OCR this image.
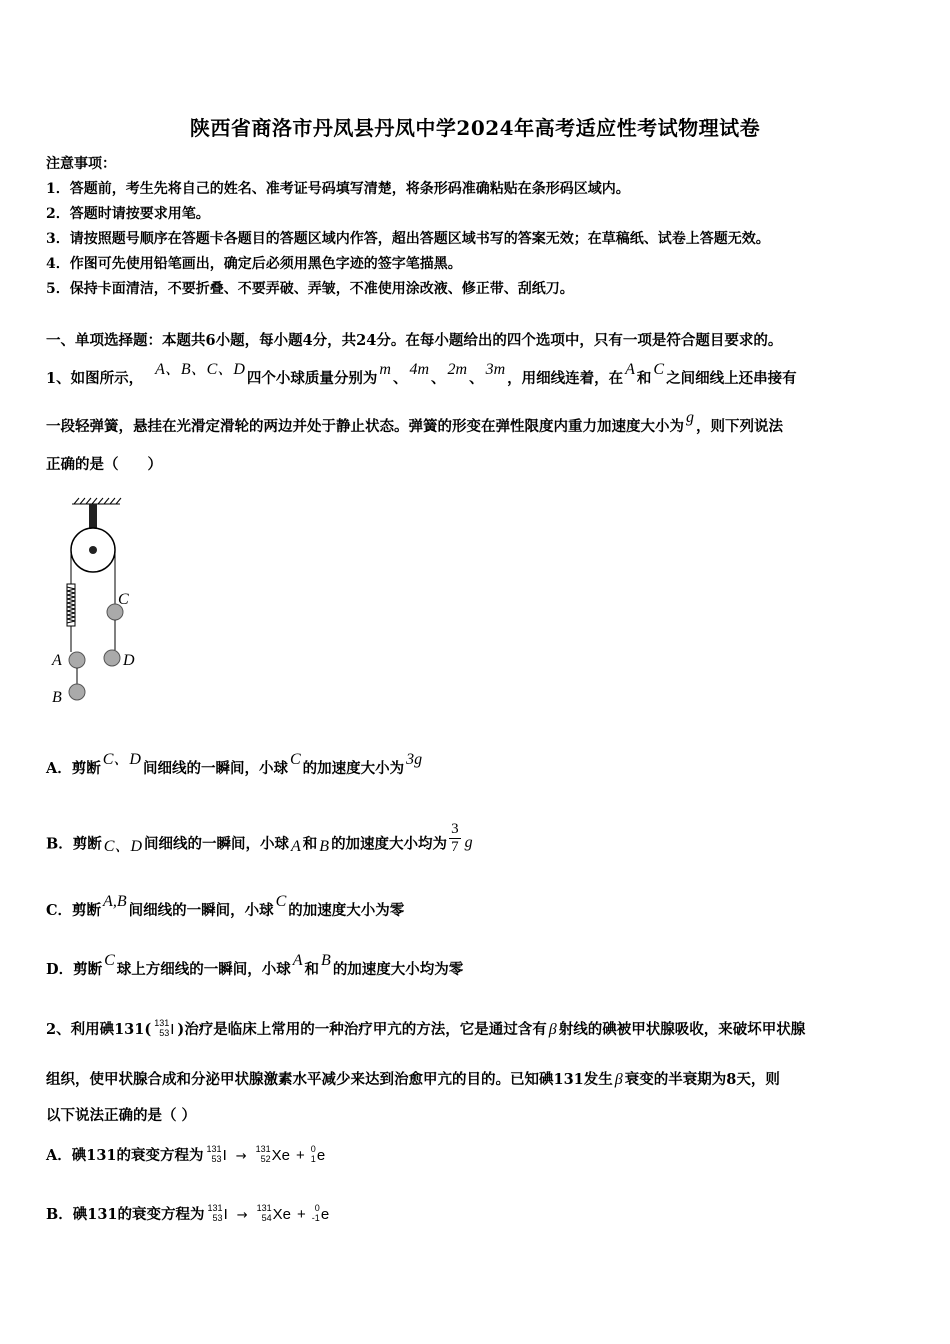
陕西省商洛市丹凤县丹凤中学2024年高考适应性考试物理试卷
注意事项：
1．答题前，考生先将自己的姓名、准考证号码填写清楚，将条形码准确粘贴在条形码区域内。
2．答题时请按要求用笔。
3．请按照题号顺序在答题卡各题目的答题区域内作答，超出答题区域书写的答案无效；在草稿纸、试卷上答题无效。
4．作图可先使用铅笔画出，确定后必须用黑色字迹的签字笔描黑。
5．保持卡面清洁，不要折叠、不要弄破、弄皱，不准使用涂改液、修正带、刮纸刀。
一、单项选择题：本题共6小题，每小题4分，共24分。在每小题给出的四个选项中，只有一项是符合题目要求的。
1、如图所示，A、B、C、D四个小球质量分别为m、4m、2m、3m，用细线连着，在A和C之间细线上还串接有
一段轻弹簧，悬挂在光滑定滑轮的两边并处于静止状态。弹簧的形变在弹性限度内重力加速度大小为g，则下列说法
正确的是（　　）
C
A	D
B
A．剪断C、D间细线的一瞬间，小球C的加速度大小为3g
B．剪断 C、D 间细线的一瞬间，小球 A 和 B 的加速度大小均为 $\frac{3}{7}$ g
C．剪断A,B间细线的一瞬间，小球C的加速度大小为零
D．剪断C球上方细线的一瞬间，小球A和B的加速度大小均为零
2、利用碘131( 131
53 I )治疗是临床上常用的一种治疗甲亢的方法，它是通过含有 β 射线的碘被甲状腺吸收，来破坏甲状腺
组织，使甲状腺合成和分泌甲状腺激素水平减少来达到治愈甲亢的目的。已知碘131发生 β 衰变的半衰期为8天，则
以下说法正确的是（ ）
A．碘131的衰变方程为 131
53 I → 131
52 Xe + 0
1 e
B．碘131的衰变方程为 131
53 I → 131
54 Xe +	0
-1 e
